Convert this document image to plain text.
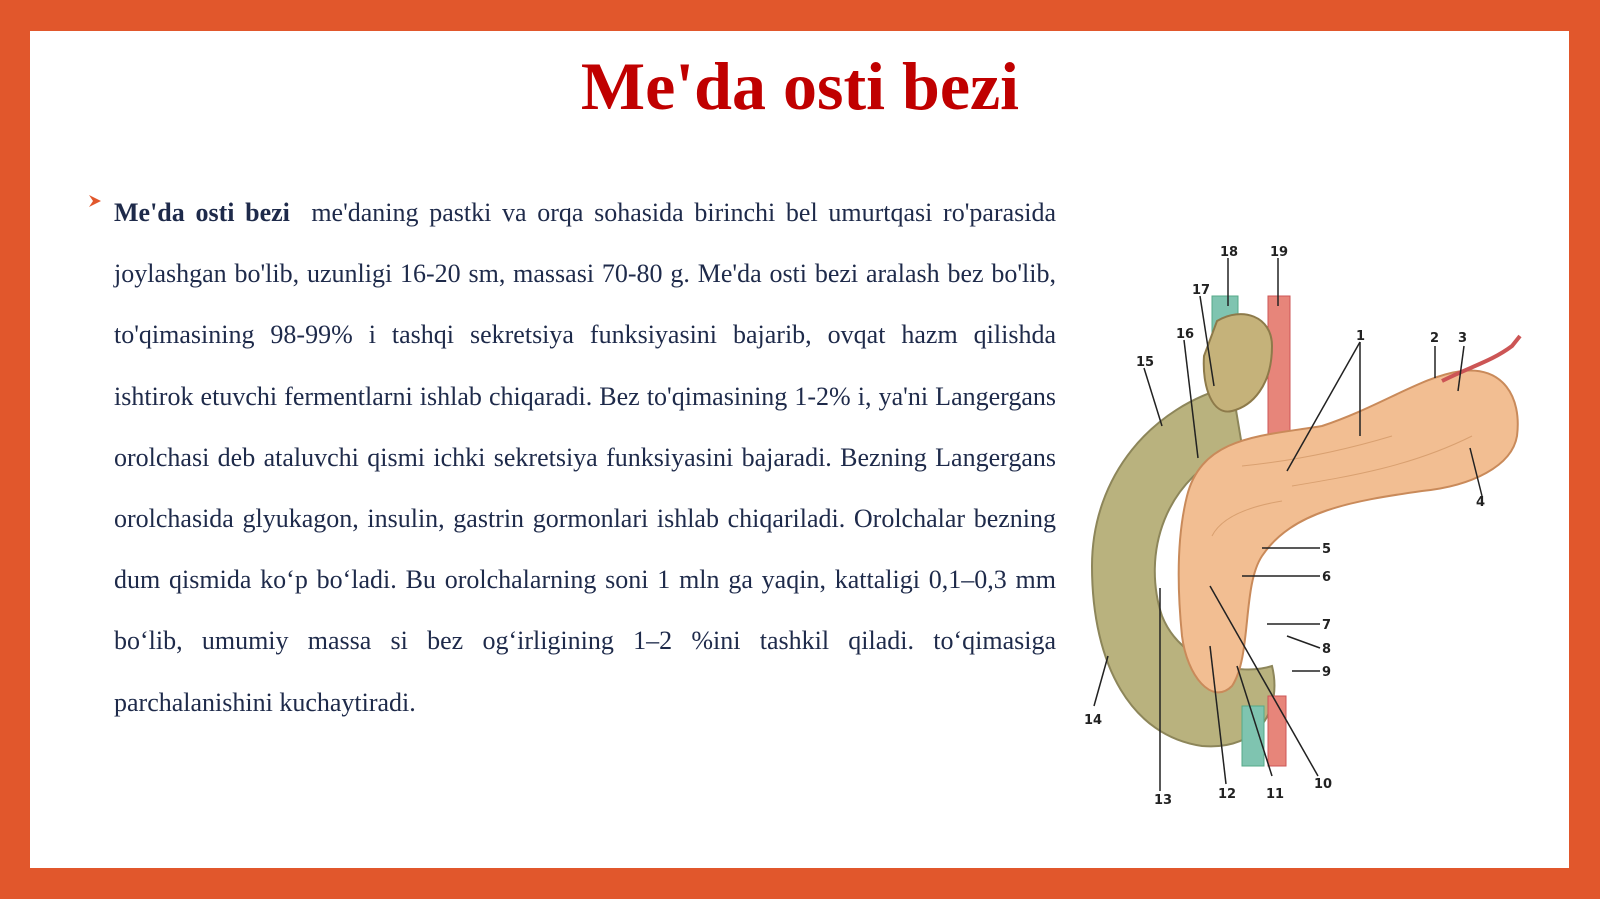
Me'da osti bezi

Me'da osti bezi me'daning pastki va orqa sohasida birinchi bel umurtqasi ro'parasida joylashgan bo'lib, uzunligi 16-20 sm, massasi 70-80 g. Me'da osti bezi aralash bez bo'lib, to'qimasining 98-99% i tashqi sekretsiya funksiyasini bajarib, ovqat hazm qilishda ishtirok etuvchi fermentlarni ishlab chiqaradi. Bez to'qimasining 1-2% i, ya'ni Langergans orolchasi deb ataluvchi qismi ichki sekretsiya funksiyasini bajaradi. Bezning Langergans orolchasida glyukagon, insulin, gastrin gormonlari ishlab chiqariladi. Orolchalar bezning dum qismida ko‘p bo‘ladi. Bu orolchalarning soni 1 mln ga yaqin, kattaligi 0,1–0,3 mm bo‘lib, umumiy massa si bez og‘irligining 1–2 %ini tashkil qiladi. to‘qimasiga parchalanishini kuchaytiradi.

18 19
17
16
15
1	2 3
4
5
6
7
8
9
10
11
12
13
14
